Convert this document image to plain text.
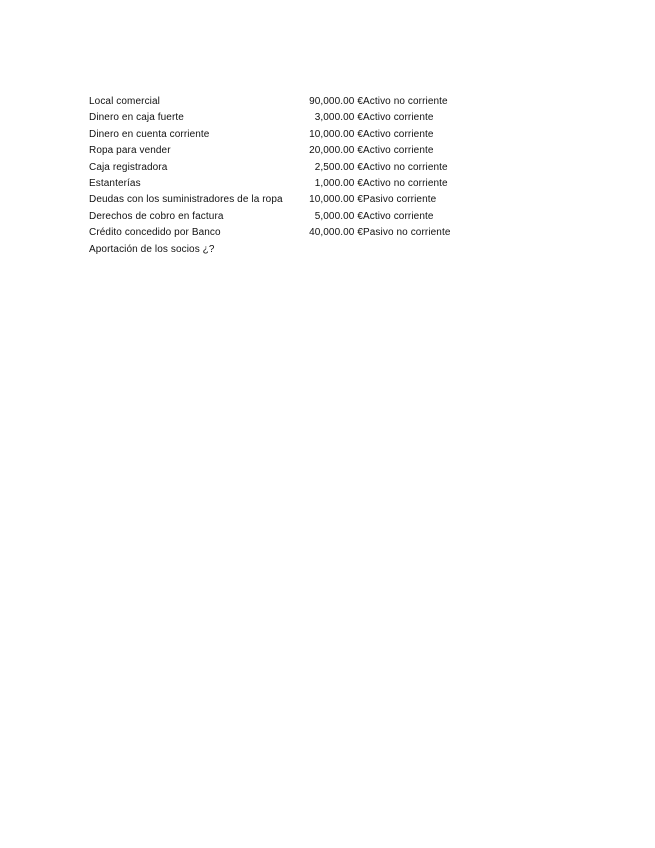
Local comercial	90,000.00 € Activo no corriente
Dinero en caja fuerte	3,000.00 € Activo corriente
Dinero en cuenta corriente	10,000.00 € Activo corriente
Ropa para vender	20,000.00 € Activo corriente
Caja registradora	2,500.00 € Activo no corriente
Estanterías	1,000.00 € Activo no corriente
Deudas con los suministradores de la ropa	10,000.00 € Pasivo corriente
Derechos de cobro en factura	5,000.00 € Activo corriente
Crédito concedido por Banco	40,000.00 € Pasivo no corriente
Aportación de los socios ¿?
